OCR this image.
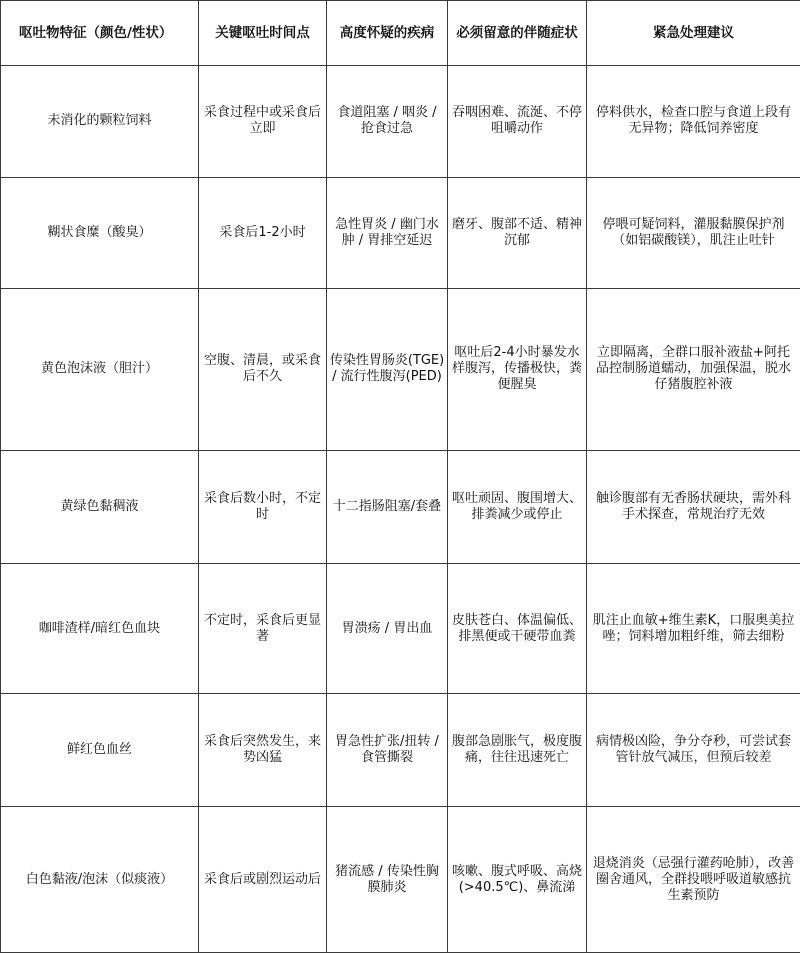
呕吐物特征（颜色/性状）	关键呕吐时间点	高度怀疑的疾病	必须留意的伴随症状	紧急处理建议
未消化的颗粒饲料	采食过程中或采食后立即	食道阻塞 / 咽炎 / 抢食过急	吞咽困难、流涎、不停咀嚼动作	停料供水，检查口腔与食道上段有无异物；降低饲养密度
糊状食糜（酸臭）	采食后1-2小时	急性胃炎 / 幽门水肿 / 胃排空延迟	磨牙、腹部不适、精神沉郁	停喂可疑饲料，灌服黏膜保护剂（如铝碳酸镁），肌注止吐针
黄色泡沫液（胆汁）	空腹、清晨，或采食后不久	传染性胃肠炎(TGE) / 流行性腹泻(PED)	呕吐后2-4小时暴发水样腹泻，传播极快，粪便腥臭	立即隔离，全群口服补液盐+阿托品控制肠道蠕动，加强保温，脱水仔猪腹腔补液
黄绿色黏稠液	采食后数小时，不定时	十二指肠阻塞/套叠	呕吐顽固、腹围增大、排粪减少或停止	触诊腹部有无香肠状硬块，需外科手术探查，常规治疗无效
咖啡渣样/暗红色血块	不定时，采食后更显著	胃溃疡 / 胃出血	皮肤苍白、体温偏低、排黑便或干硬带血粪	肌注止血敏+维生素K，口服奥美拉唑；饲料增加粗纤维，筛去细粉
鲜红色血丝	采食后突然发生，来势凶猛	胃急性扩张/扭转 / 食管撕裂	腹部急剧胀气，极度腹痛，往往迅速死亡	病情极凶险，争分夺秒，可尝试套管针放气减压，但预后较差
白色黏液/泡沫（似痰液）	采食后或剧烈运动后	猪流感 / 传染性胸膜肺炎	咳嗽、腹式呼吸、高烧(>40.5℃)、鼻流涕	退烧消炎（忌强行灌药呛肺），改善圈舍通风，全群投喂呼吸道敏感抗生素预防
